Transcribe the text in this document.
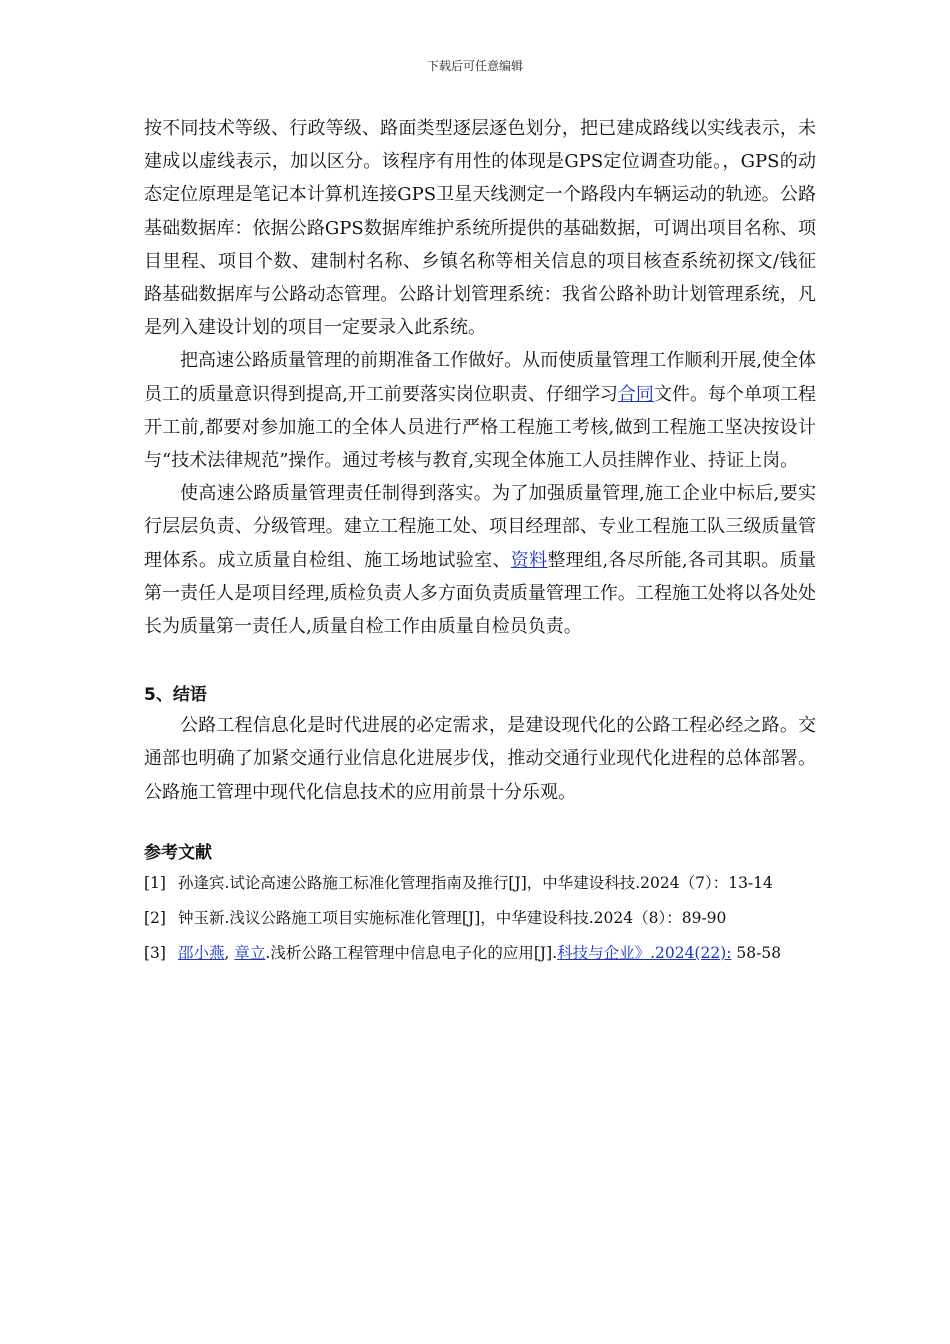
下载后可任意编辑

按不同技术等级、行政等级、路面类型逐层逐色划分，把已建成路线以实线表示，未建成以虚线表示，加以区分。该程序有用性的体现是GPS定位调查功能。，GPS的动态定位原理是笔记本计算机连接GPS卫星天线测定一个路段内车辆运动的轨迹。公路基础数据库：依据公路GPS数据库维护系统所提供的基础数据，可调出项目名称、项目里程、项目个数、建制村名称、乡镇名称等相关信息的项目核查系统初探文/钱征路基础数据库与公路动态管理。公路计划管理系统：我省公路补助计划管理系统，凡是列入建设计划的项目一定要录入此系统。

把高速公路质量管理的前期准备工作做好。从而使质量管理工作顺利开展,使全体员工的质量意识得到提高,开工前要落实岗位职责、仔细学习合同文件。每个单项工程开工前,都要对参加施工的全体人员进行严格工程施工考核,做到工程施工坚决按设计与“技术法律规范”操作。通过考核与教育,实现全体施工人员挂牌作业、持证上岗。

使高速公路质量管理责任制得到落实。为了加强质量管理,施工企业中标后,要实行层层负责、分级管理。建立工程施工处、项目经理部、专业工程施工队三级质量管理体系。成立质量自检组、施工场地试验室、资料整理组,各尽所能,各司其职。质量第一责任人是项目经理,质检负责人多方面负责质量管理工作。工程施工处将以各处处长为质量第一责任人,质量自检工作由质量自检员负责。

5、结语

公路工程信息化是时代进展的必定需求，是建设现代化的公路工程必经之路。交通部也明确了加紧交通行业信息化进展步伐，推动交通行业现代化进程的总体部署。公路施工管理中现代化信息技术的应用前景十分乐观。

参考文献

[1] 孙逢宾.试论高速公路施工标准化管理指南及推行[J]，中华建设科技.2024（7）：13-14

[2] 钟玉新.浅议公路施工项目实施标准化管理[J]，中华建设科技.2024（8）：89-90

[3] 邵小燕, 章立.浅析公路工程管理中信息电子化的应用[J].科技与企业》.2024(22): 58-58
